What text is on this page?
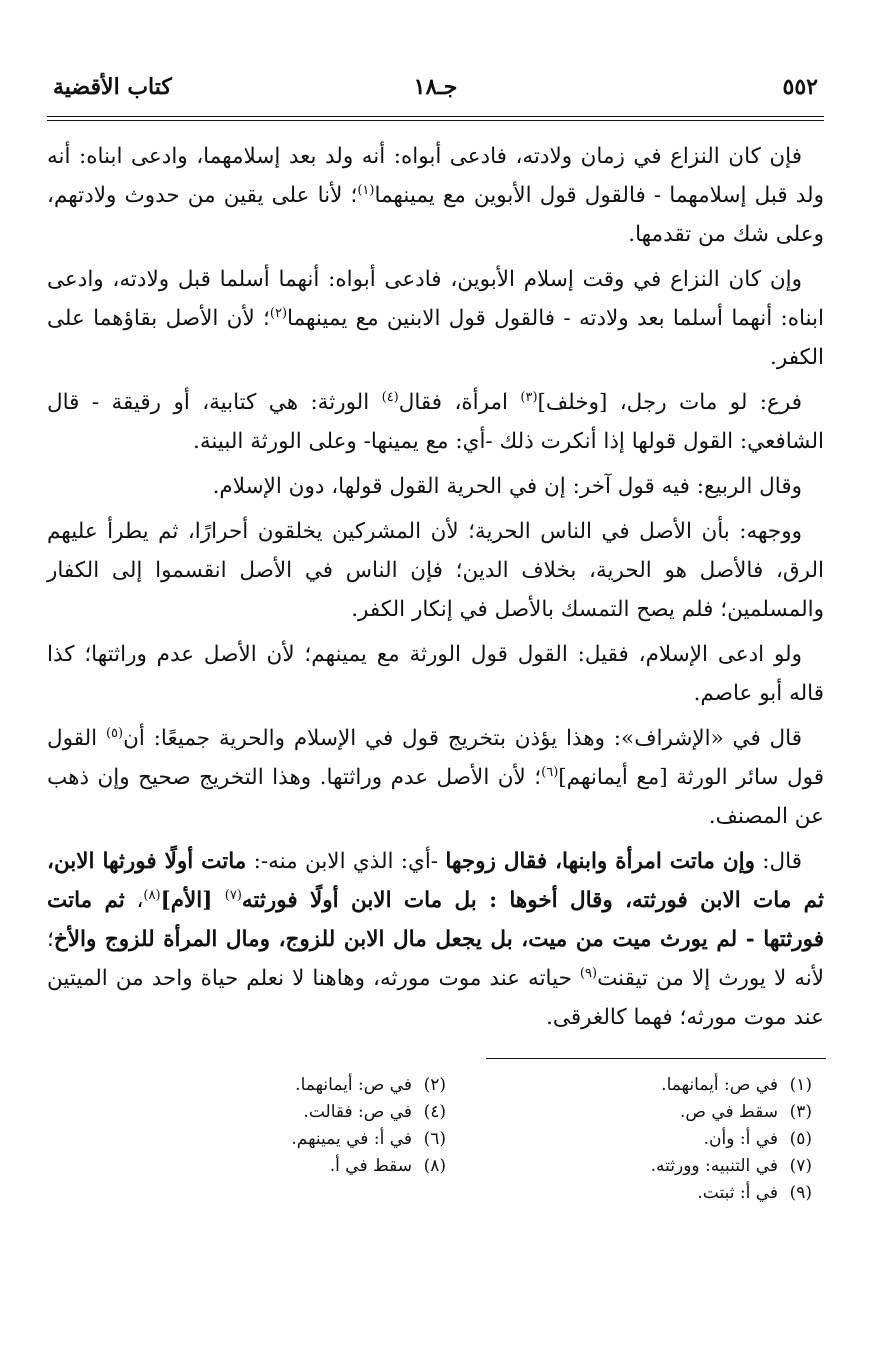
٥٥٢
جـ١٨
كتاب الأقضية

فإن كان النزاع في زمان ولادته، فادعى أبواه: أنه ولد بعد إسلامهما، وادعى ابناه: أنه ولد قبل إسلامهما - فالقول قول الأبوين مع يمينهما$^{(١)}$؛ لأنا على يقين من حدوث ولادتهم، وعلى شك من تقدمها.

وإن كان النزاع في وقت إسلام الأبوين، فادعى أبواه: أنهما أسلما قبل ولادته، وادعى ابناه: أنهما أسلما بعد ولادته - فالقول قول الابنين مع يمينهما$^{(٢)}$؛ لأن الأصل بقاؤهما على الكفر.

فرع: لو مات رجل، [وخلف]$^{(٣)}$ امرأة، فقال$^{(٤)}$ الورثة: هي كتابية، أو رقيقة - قال الشافعي: القول قولها إذا أنكرت ذلك -أي: مع يمينها- وعلى الورثة البينة.

وقال الربيع: فيه قول آخر: إن في الحرية القول قولها، دون الإسلام.

ووجهه: بأن الأصل في الناس الحرية؛ لأن المشركين يخلقون أحرارًا، ثم يطرأ عليهم الرق، فالأصل هو الحرية، بخلاف الدين؛ فإن الناس في الأصل انقسموا إلى الكفار والمسلمين؛ فلم يصح التمسك بالأصل في إنكار الكفر.

ولو ادعى الإسلام، فقيل: القول قول الورثة مع يمينهم؛ لأن الأصل عدم وراثتها؛ كذا قاله أبو عاصم.

قال في «الإشراف»: وهذا يؤذن بتخريج قول في الإسلام والحرية جميعًا: أن$^{(٥)}$ القول قول سائر الورثة [مع أيمانهم]$^{(٦)}$؛ لأن الأصل عدم وراثتها. وهذا التخريج صحيح وإن ذهب عن المصنف.

قال: وإن ماتت امرأة وابنها، فقال زوجها -أي: الذي الابن منه-: ماتت أولًا فورثها الابن، ثم مات الابن فورثته، وقال أخوها : بل مات الابن أولًا فورثته$^{(٧)}$ [الأم]$^{(٨)}$، ثم ماتت فورثتها - لم يورث ميت من ميت، بل يجعل مال الابن للزوج، ومال المرأة للزوج والأخ؛ لأنه لا يورث إلا من تيقنت$^{(٩)}$ حياته عند موت مورثه، وهاهنا لا نعلم حياة واحد من الميتين عند موت مورثه؛ فهما كالغرقى.

(١)في ص: أيمانهما.
(٣)سقط في ص.
(٥)في أ: وأن.
(٧)في التنبيه: وورثته.
(٩)في أ: ثبتت.
(٢)في ص: أيمانهما.
(٤)في ص: فقالت.
(٦)في أ: في يمينهم.
(٨)سقط في أ.
